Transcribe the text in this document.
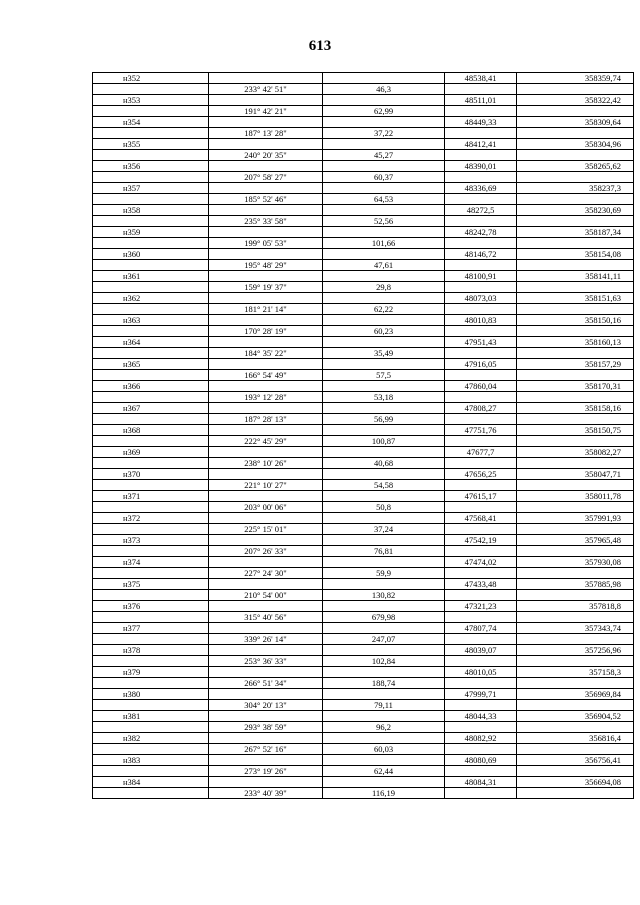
613
н352			48538,41	358359,74
	233° 42' 51"	46,3		
н353			48511,01	358322,42
	191° 42' 21"	62,99		
н354			48449,33	358309,64
	187° 13' 28"	37,22		
н355			48412,41	358304,96
	240° 20' 35"	45,27		
н356			48390,01	358265,62
	207° 58' 27"	60,37		
н357			48336,69	358237,3
	185° 52' 46"	64,53		
н358			48272,5	358230,69
	235° 33' 58"	52,56		
н359			48242,78	358187,34
	199° 05' 53"	101,66		
н360			48146,72	358154,08
	195° 48' 29"	47,61		
н361			48100,91	358141,11
	159° 19' 37"	29,8		
н362			48073,03	358151,63
	181° 21' 14"	62,22		
н363			48010,83	358150,16
	170° 28' 19"	60,23		
н364			47951,43	358160,13
	184° 35' 22"	35,49		
н365			47916,05	358157,29
	166° 54' 49"	57,5		
н366			47860,04	358170,31
	193° 12' 28"	53,18		
н367			47808,27	358158,16
	187° 28' 13"	56,99		
н368			47751,76	358150,75
	222° 45' 29"	100,87		
н369			47677,7	358082,27
	238° 10' 26"	40,68		
н370			47656,25	358047,71
	221° 10' 27"	54,58		
н371			47615,17	358011,78
	203° 00' 06"	50,8		
н372			47568,41	357991,93
	225° 15' 01"	37,24		
н373			47542,19	357965,48
	207° 26' 33"	76,81		
н374			47474,02	357930,08
	227° 24' 30"	59,9		
н375			47433,48	357885,98
	210° 54' 00"	130,82		
н376			47321,23	357818,8
	315° 40' 56"	679,98		
н377			47807,74	357343,74
	339° 26' 14"	247,07		
н378			48039,07	357256,96
	253° 36' 33"	102,84		
н379			48010,05	357158,3
	266° 51' 34"	188,74		
н380			47999,71	356969,84
	304° 20' 13"	79,11		
н381			48044,33	356904,52
	293° 38' 59"	96,2		
н382			48082,92	356816,4
	267° 52' 16"	60,03		
н383			48080,69	356756,41
	273° 19' 26"	62,44		
н384			48084,31	356694,08
	233° 40' 39"	116,19		
